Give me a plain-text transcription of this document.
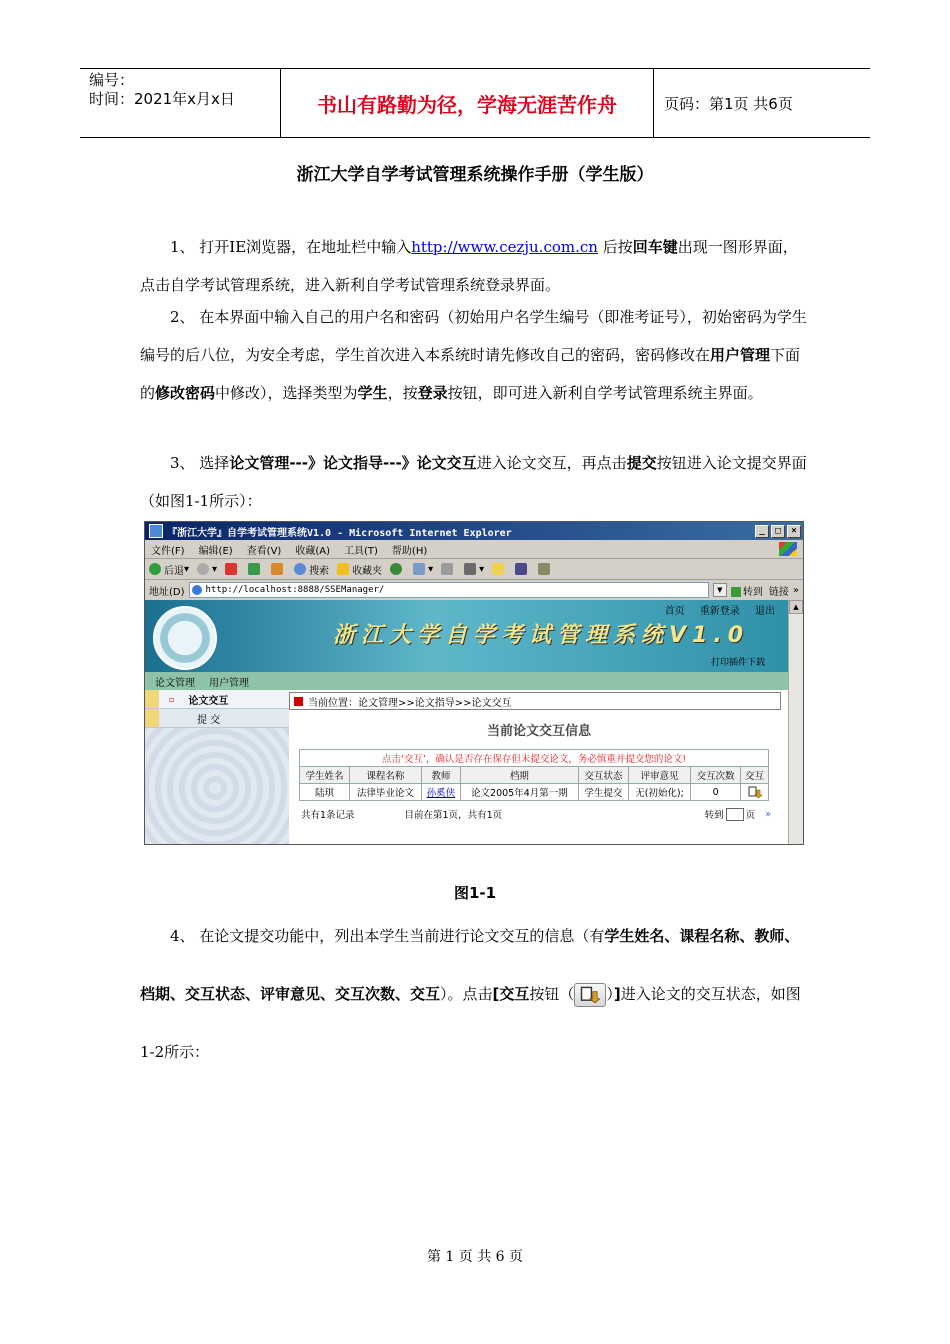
编号：
时间：2021年x月x日	书山有路勤为径，学海无涯苦作舟	页码：第1页 共6页
浙江大学自学考试管理系统操作手册（学生版）
1、 打开IE浏览器，在地址栏中输入http://www.cezju.com.cn 后按回车键出现一图形界面，点击自学考试管理系统，进入新利自学考试管理系统登录界面。
2、 在本界面中输入自己的用户名和密码（初始用户名学生编号（即准考证号），初始密码为学生编号的后八位，为安全考虑，学生首次进入本系统时请先修改自己的密码，密码修改在用户管理下面的修改密码中修改），选择类型为学生，按登录按钮，即可进入新利自学考试管理系统主界面。
3、 选择论文管理---》论文指导---》论文交互进入论文交互，再点击提交按钮进入论文提交界面（如图1-1所示）：
『浙江大学』自学考试管理系统V1.0 - Microsoft Internet Explorer	_	□	×
文件(F) 编辑(E) 查看(V) 收藏(A) 工具(T) 帮助(H)
后退 ▾	▾	搜索 收藏夹	▾	▾
地址(D) http://localhost:8888/SSEManager/	▼	转到 链接 »
首页 重新登录 退出
浙江大学自学考试管理系统V1.0
打印插件下载
论文管理 用户管理
▫ 论文交互
提 交
当前位置：论文管理>>论文指导>>论文交互
当前论文交互信息
点击‘交互’，确认是否存在保存但未提交论文，务必慎重并提交您的论文!							
学生姓名	课程名称	教师	档期	交互状态	评审意见	交互次数	交互
陆琪	法律毕业论文	孙奚侠	论文2005年4月第一期	学生提交	无(初始化);	0	
共有1条记录	目前在第1页，共有1页	转到 页 »
▲
图1-1
4、 在论文提交功能中，列出本学生当前进行论文交互的信息（有学生姓名、课程名称、教师、档期、交互状态、评审意见、交互次数、交互）。点击[交互按钮（ ）]进入论文的交互状态，如图1-2所示：
第 1 页 共 6 页
